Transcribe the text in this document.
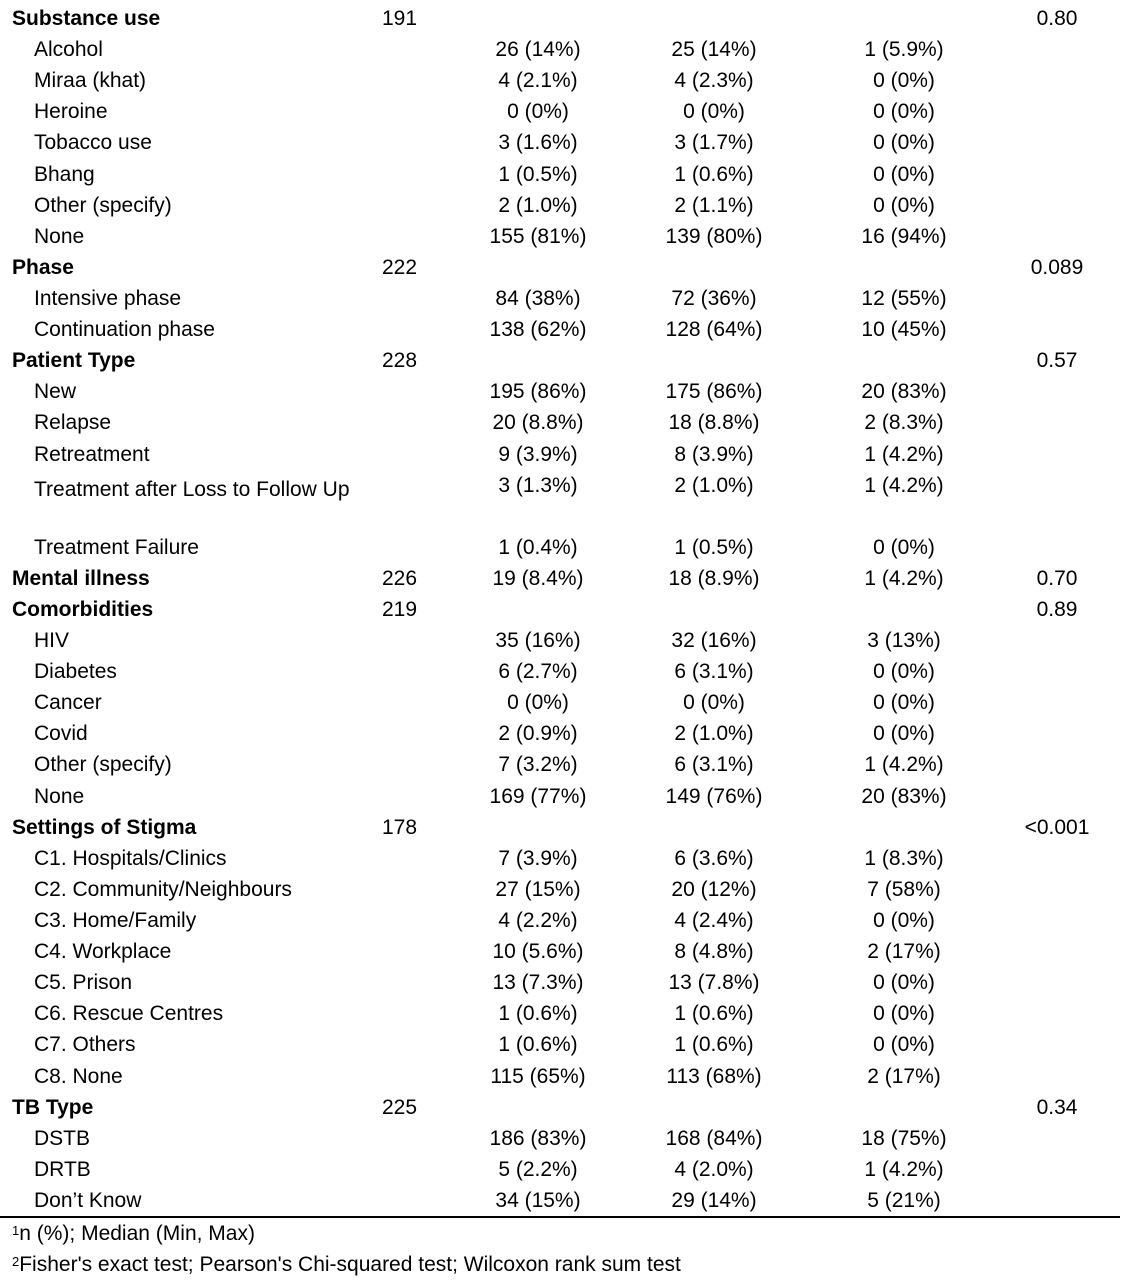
Substance use	191				0.80
Alcohol		26 (14%)	25 (14%)	1 (5.9%)	
Miraa (khat)		4 (2.1%)	4 (2.3%)	0 (0%)	
Heroine		0 (0%)	0 (0%)	0 (0%)	
Tobacco use		3 (1.6%)	3 (1.7%)	0 (0%)	
Bhang		1 (0.5%)	1 (0.6%)	0 (0%)	
Other (specify)		2 (1.0%)	2 (1.1%)	0 (0%)	
None		155 (81%)	139 (80%)	16 (94%)	
Phase	222				0.089
Intensive phase		84 (38%)	72 (36%)	12 (55%)	
Continuation phase		138 (62%)	128 (64%)	10 (45%)	
Patient Type	228				0.57
New		195 (86%)	175 (86%)	20 (83%)	
Relapse		20 (8.8%)	18 (8.8%)	2 (8.3%)	
Retreatment		9 (3.9%)	8 (3.9%)	1 (4.2%)	
Treatment after Loss to Follow Up		3 (1.3%)	2 (1.0%)	1 (4.2%)	
Treatment Failure		1 (0.4%)	1 (0.5%)	0 (0%)	
Mental illness	226	19 (8.4%)	18 (8.9%)	1 (4.2%)	0.70
Comorbidities	219				0.89
HIV		35 (16%)	32 (16%)	3 (13%)	
Diabetes		6 (2.7%)	6 (3.1%)	0 (0%)	
Cancer		0 (0%)	0 (0%)	0 (0%)	
Covid		2 (0.9%)	2 (1.0%)	0 (0%)	
Other (specify)		7 (3.2%)	6 (3.1%)	1 (4.2%)	
None		169 (77%)	149 (76%)	20 (83%)	
Settings of Stigma	178				<0.001
C1. Hospitals/Clinics		7 (3.9%)	6 (3.6%)	1 (8.3%)	
C2. Community/Neighbours		27 (15%)	20 (12%)	7 (58%)	
C3. Home/Family		4 (2.2%)	4 (2.4%)	0 (0%)	
C4. Workplace		10 (5.6%)	8 (4.8%)	2 (17%)	
C5. Prison		13 (7.3%)	13 (7.8%)	0 (0%)	
C6. Rescue Centres		1 (0.6%)	1 (0.6%)	0 (0%)	
C7. Others		1 (0.6%)	1 (0.6%)	0 (0%)	
C8. None		115 (65%)	113 (68%)	2 (17%)	
TB Type	225				0.34
DSTB		186 (83%)	168 (84%)	18 (75%)	
DRTB		5 (2.2%)	4 (2.0%)	1 (4.2%)	
Don’t Know		34 (15%)	29 (14%)	5 (21%)	
$^1$n (%); Median (Min, Max)
$^2$Fisher's exact test; Pearson's Chi-squared test; Wilcoxon rank sum test
